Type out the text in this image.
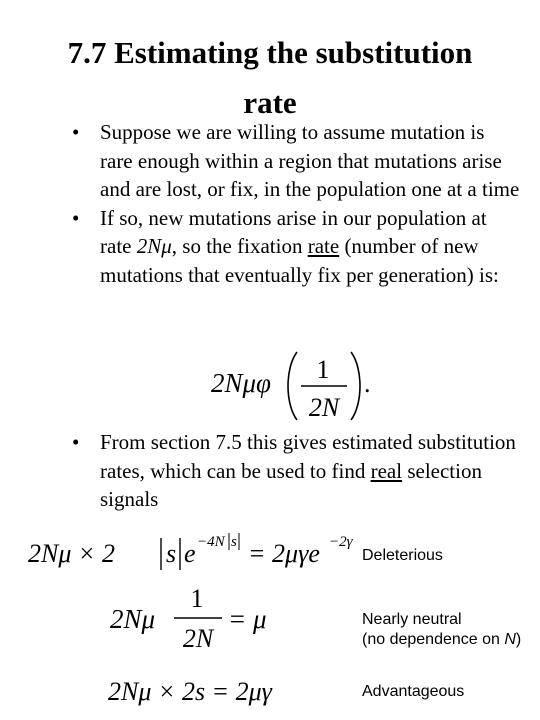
7.7 Estimating the substitution
rate
• Suppose we are willing to assume mutation is rare enough within a region that mutations arise and are lost, or fix, in the population one at a time
• If so, new mutations arise in our population at rate 2Nμ, so the fixation rate (number of new mutations that eventually fix per generation) is:
2Nμφ 1
2N
.
• From section 7.5 this gives estimated substitution rates, which can be used to find real selection signals
2Nμ × 2 s e −4N s = 2μγe −2γ
Deleterious
2Nμ
1
2N
= μ	Nearly neutral
(no dependence on N)
2Nμ × 2s = 2μγ	Advantageous
